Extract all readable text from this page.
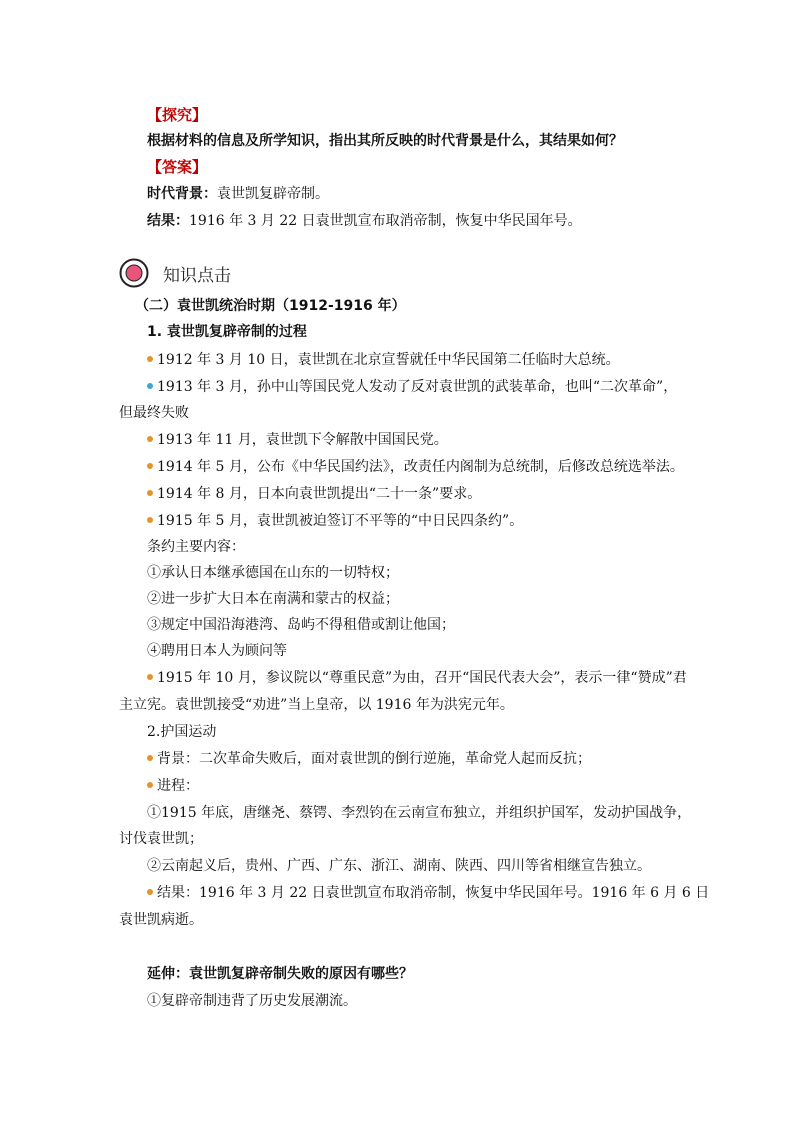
【探究】
根据材料的信息及所学知识，指出其所反映的时代背景是什么，其结果如何？
【答案】
时代背景：袁世凯复辟帝制。
结果：1916 年 3 月 22 日袁世凯宣布取消帝制，恢复中华民国年号。
知识点击
（二）袁世凯统治时期（1912-1916 年）
1. 袁世凯复辟帝制的过程
1912 年 3 月 10 日，袁世凯在北京宣誓就任中华民国第二任临时大总统。
1913 年 3 月，孙中山等国民党人发动了反对袁世凯的武装革命，也叫“二次革命”，
但最终失败
1913 年 11 月，袁世凯下令解散中国国民党。
1914 年 5 月，公布《中华民国约法》，改责任内阁制为总统制，后修改总统选举法。
1914 年 8 月，日本向袁世凯提出“二十一条”要求。
1915 年 5 月，袁世凯被迫签订不平等的“中日民四条约”。
条约主要内容：
①承认日本继承德国在山东的一切特权；
②进一步扩大日本在南满和蒙古的权益；
③规定中国沿海港湾、岛屿不得租借或割让他国；
④聘用日本人为顾问等
1915 年 10 月，参议院以“尊重民意”为由，召开“国民代表大会”，表示一律“赞成”君
主立宪。袁世凯接受“劝进”当上皇帝，以 1916 年为洪宪元年。
2.护国运动
背景：二次革命失败后，面对袁世凯的倒行逆施，革命党人起而反抗；
进程：
①1915 年底，唐继尧、蔡锷、李烈钧在云南宣布独立，并组织护国军，发动护国战争，
讨伐袁世凯；
②云南起义后，贵州、广西、广东、浙江、湖南、陕西、四川等省相继宣告独立。
结果：1916 年 3 月 22 日袁世凯宣布取消帝制，恢复中华民国年号。1916 年 6 月 6 日
袁世凯病逝。
延伸：袁世凯复辟帝制失败的原因有哪些？
①复辟帝制违背了历史发展潮流。
